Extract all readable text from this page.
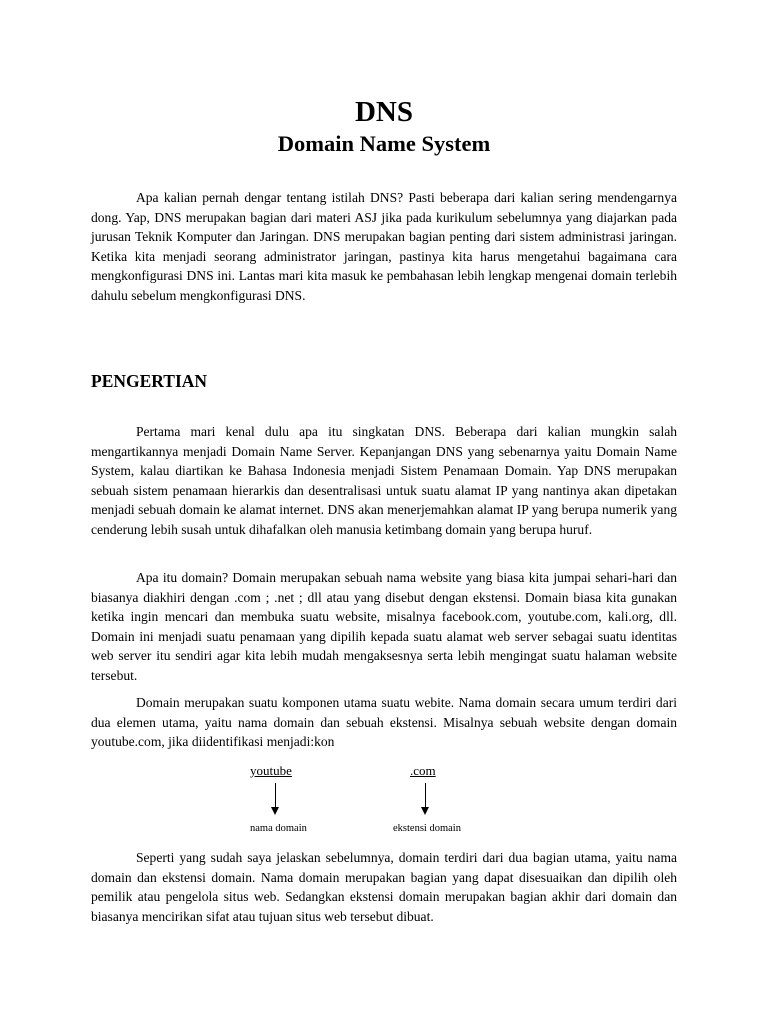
DNS
Domain Name System

Apa kalian pernah dengar tentang istilah DNS? Pasti beberapa dari kalian sering mendengarnya dong. Yap, DNS merupakan bagian dari materi ASJ jika pada kurikulum sebelumnya yang diajarkan pada jurusan Teknik Komputer dan Jaringan. DNS merupakan bagian penting dari sistem administrasi jaringan. Ketika kita menjadi seorang administrator jaringan, pastinya kita harus mengetahui bagaimana cara mengkonfigurasi DNS ini. Lantas mari kita masuk ke pembahasan lebih lengkap mengenai domain terlebih dahulu sebelum mengkonfigurasi DNS.

PENGERTIAN

Pertama mari kenal dulu apa itu singkatan DNS. Beberapa dari kalian mungkin salah mengartikannya menjadi Domain Name Server. Kepanjangan DNS yang sebenarnya yaitu Domain Name System, kalau diartikan ke Bahasa Indonesia menjadi Sistem Penamaan Domain. Yap DNS merupakan sebuah sistem penamaan hierarkis dan desentralisasi untuk suatu alamat IP yang nantinya akan dipetakan menjadi sebuah domain ke alamat internet. DNS akan menerjemahkan alamat IP yang berupa numerik yang cenderung lebih susah untuk dihafalkan oleh manusia ketimbang domain yang berupa huruf.

Apa itu domain? Domain merupakan sebuah nama website yang biasa kita jumpai sehari-hari dan biasanya diakhiri dengan .com ; .net ; dll atau yang disebut dengan ekstensi. Domain biasa kita gunakan ketika ingin mencari dan membuka suatu website, misalnya facebook.com, youtube.com, kali.org, dll. Domain ini menjadi suatu penamaan yang dipilih kepada suatu alamat web server sebagai suatu identitas web server itu sendiri agar kita lebih mudah mengaksesnya serta lebih mengingat suatu halaman website tersebut.

Domain merupakan suatu komponen utama suatu webite. Nama domain secara umum terdiri dari dua elemen utama, yaitu nama domain dan sebuah ekstensi. Misalnya sebuah website dengan domain youtube.com, jika diidentifikasi menjadi:kon

youtube	.com
nama domain	ekstensi domain

Seperti yang sudah saya jelaskan sebelumnya, domain terdiri dari dua bagian utama, yaitu nama domain dan ekstensi domain. Nama domain merupakan bagian yang dapat disesuaikan dan dipilih oleh pemilik atau pengelola situs web. Sedangkan ekstensi domain merupakan bagian akhir dari domain dan biasanya mencirikan sifat atau tujuan situs web tersebut dibuat.
